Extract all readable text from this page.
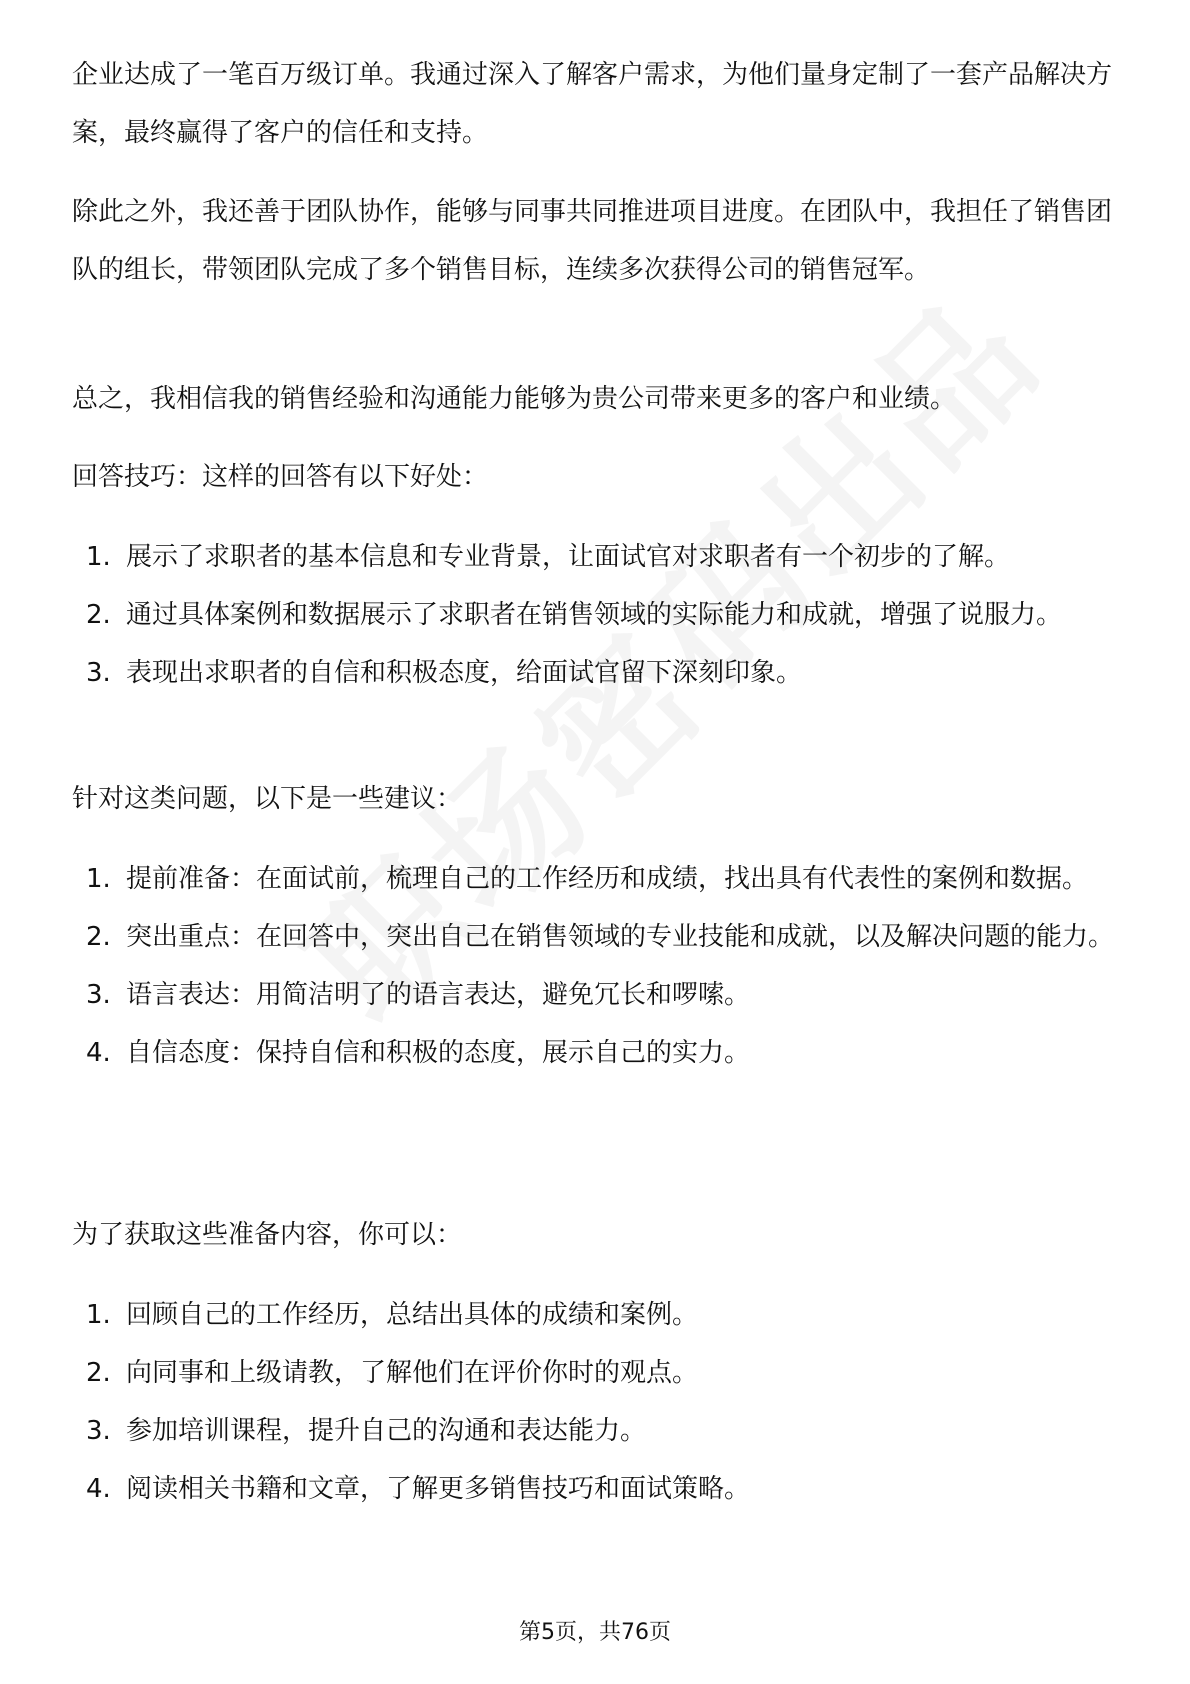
企业达成了一笔百万级订单。我通过深入了解客户需求，为他们量身定制了一套产品解决方案，最终赢得了客户的信任和支持。

除此之外，我还善于团队协作，能够与同事共同推进项目进度。在团队中，我担任了销售团队的组长，带领团队完成了多个销售目标，连续多次获得公司的销售冠军。

总之，我相信我的销售经验和沟通能力能够为贵公司带来更多的客户和业绩。

回答技巧：这样的回答有以下好处：

1. 展示了求职者的基本信息和专业背景，让面试官对求职者有一个初步的了解。
2. 通过具体案例和数据展示了求职者在销售领域的实际能力和成就，增强了说服力。
3. 表现出求职者的自信和积极态度，给面试官留下深刻印象。

针对这类问题，以下是一些建议：

1. 提前准备：在面试前，梳理自己的工作经历和成绩，找出具有代表性的案例和数据。
2. 突出重点：在回答中，突出自己在销售领域的专业技能和成就，以及解决问题的能力。
3. 语言表达：用简洁明了的语言表达，避免冗长和啰嗦。
4. 自信态度：保持自信和积极的态度，展示自己的实力。

为了获取这些准备内容，你可以：

1. 回顾自己的工作经历，总结出具体的成绩和案例。
2. 向同事和上级请教，了解他们在评价你时的观点。
3. 参加培训课程，提升自己的沟通和表达能力。
4. 阅读相关书籍和文章，了解更多销售技巧和面试策略。
第5页，共76页
